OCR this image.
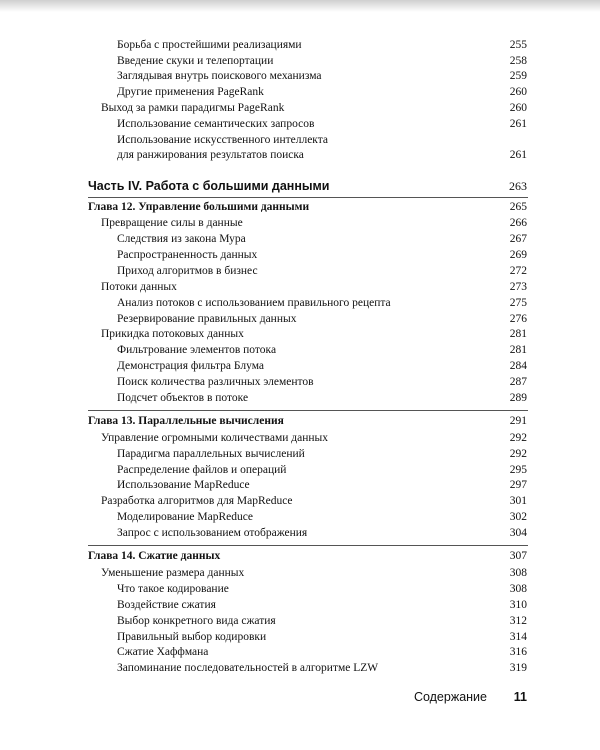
Борьба с простейшими реализациями	255
Введение скуки и телепортации	258
Заглядывая внутрь поискового механизма	259
Другие применения PageRank	260
Выход за рамки парадигмы PageRank	260
Использование семантических запросов	261
Использование искусственного интеллекта
для ранжирования результатов поиска	261
Часть IV. Работа с большими данными	263
Глава 12. Управление большими данными	265
Превращение силы в данные	266
Следствия из закона Мура	267
Распространенность данных	269
Приход алгоритмов в бизнес	272
Потоки данных	273
Анализ потоков с использованием правильного рецепта	275
Резервирование правильных данных	276
Прикидка потоковых данных	281
Фильтрование элементов потока	281
Демонстрация фильтра Блума	284
Поиск количества различных элементов	287
Подсчет объектов в потоке	289
Глава 13. Параллельные вычисления	291
Управление огромными количествами данных	292
Парадигма параллельных вычислений	292
Распределение файлов и операций	295
Использование MapReduce	297
Разработка алгоритмов для MapReduce	301
Моделирование MapReduce	302
Запрос с использованием отображения	304
Глава 14. Сжатие данных	307
Уменьшение размера данных	308
Что такое кодирование	308
Воздействие сжатия	310
Выбор конкретного вида сжатия	312
Правильный выбор кодировки	314
Сжатие Хаффмана	316
Запоминание последовательностей в алгоритме LZW	319
Содержание 11
